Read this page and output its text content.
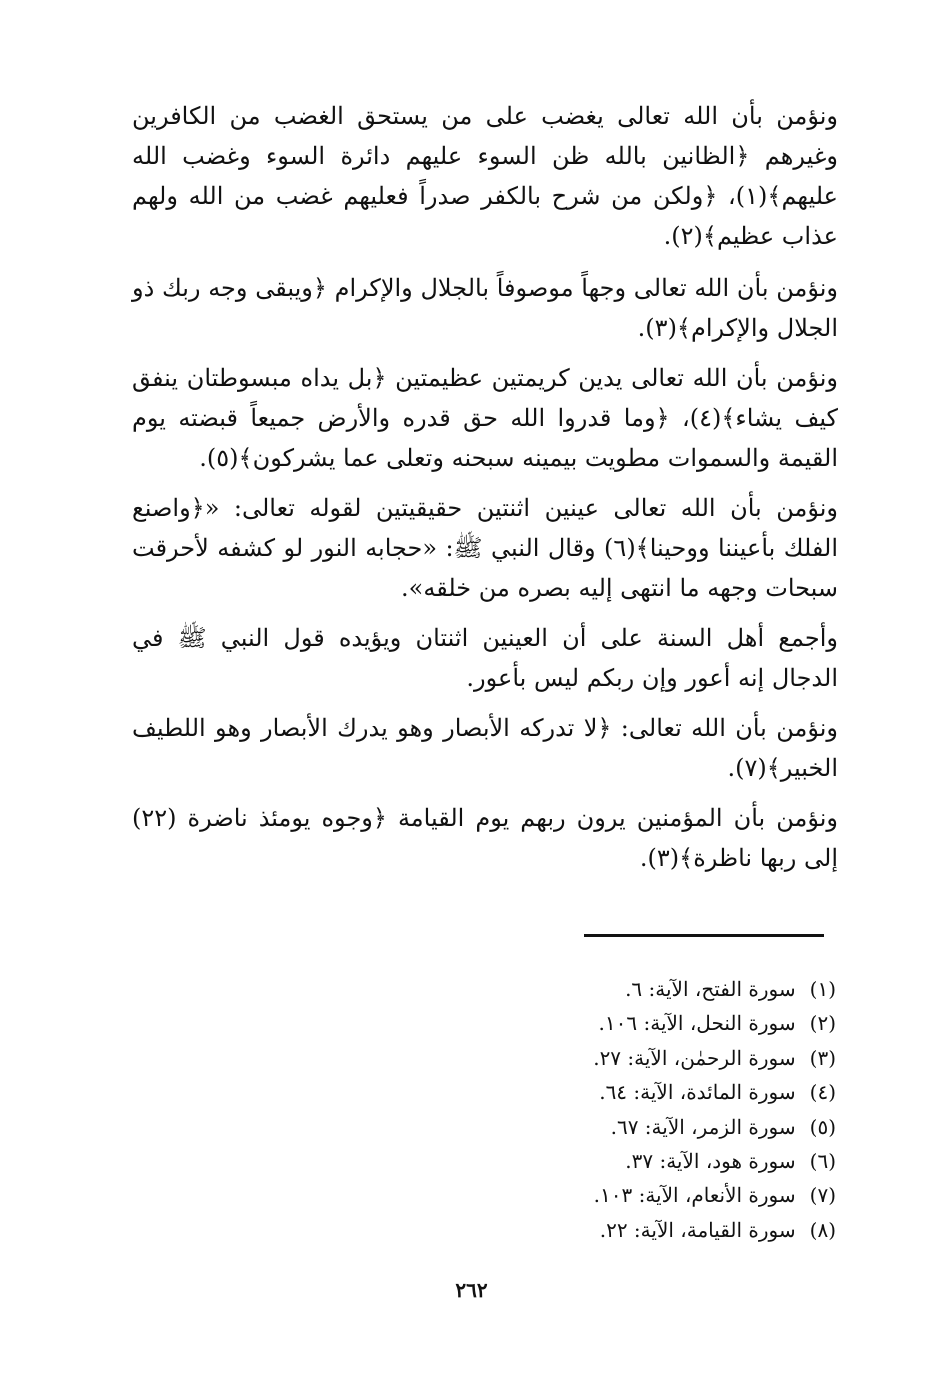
ونؤمن بأن الله تعالى يغضب على من يستحق الغضب من الكافرين وغيرهم ﴿الظانين بالله ظن السوء عليهم دائرة السوء وغضب الله عليهم﴾(١)، ﴿ولكن من شرح بالكفر صدراً فعليهم غضب من الله ولهم عذاب عظيم﴾(٢).

ونؤمن بأن الله تعالى وجهاً موصوفاً بالجلال والإكرام ﴿ويبقى وجه ربك ذو الجلال والإكرام﴾(٣).

ونؤمن بأن الله تعالى يدين كريمتين عظيمتين ﴿بل يداه مبسوطتان ينفق كيف يشاء﴾(٤)، ﴿وما قدروا الله حق قدره والأرض جميعاً قبضته يوم القيمة والسموات مطويت بيمينه سبحنه وتعلى عما يشركون﴾(٥).

ونؤمن بأن الله تعالى عينين اثنتين حقيقيتين لقوله تعالى: «﴿واصنع الفلك بأعيننا ووحينا﴾(٦) وقال النبي ﷺ: «حجابه النور لو كشفه لأحرقت سبحات وجهه ما انتهى إليه بصره من خلقه».

وأجمع أهل السنة على أن العينين اثنتان ويؤيده قول النبي ﷺ في الدجال إنه أعور وإن ربكم ليس بأعور.

ونؤمن بأن الله تعالى: ﴿لا تدركه الأبصار وهو يدرك الأبصار وهو اللطيف الخبير﴾(٧).

ونؤمن بأن المؤمنين يرون ربهم يوم القيامة ﴿وجوه يومئذ ناضرة (٢٢) إلى ربها ناظرة﴾(٣).

(١) سورة الفتح، الآية: ٦.
(٢) سورة النحل، الآية: ١٠٦.
(٣) سورة الرحمٰن، الآية: ٢٧.
(٤) سورة المائدة، الآية: ٦٤.
(٥) سورة الزمر، الآية: ٦٧.
(٦) سورة هود، الآية: ٣٧.
(٧) سورة الأنعام، الآية: ١٠٣.
(٨) سورة القيامة، الآية: ٢٢.
٢٦٢
